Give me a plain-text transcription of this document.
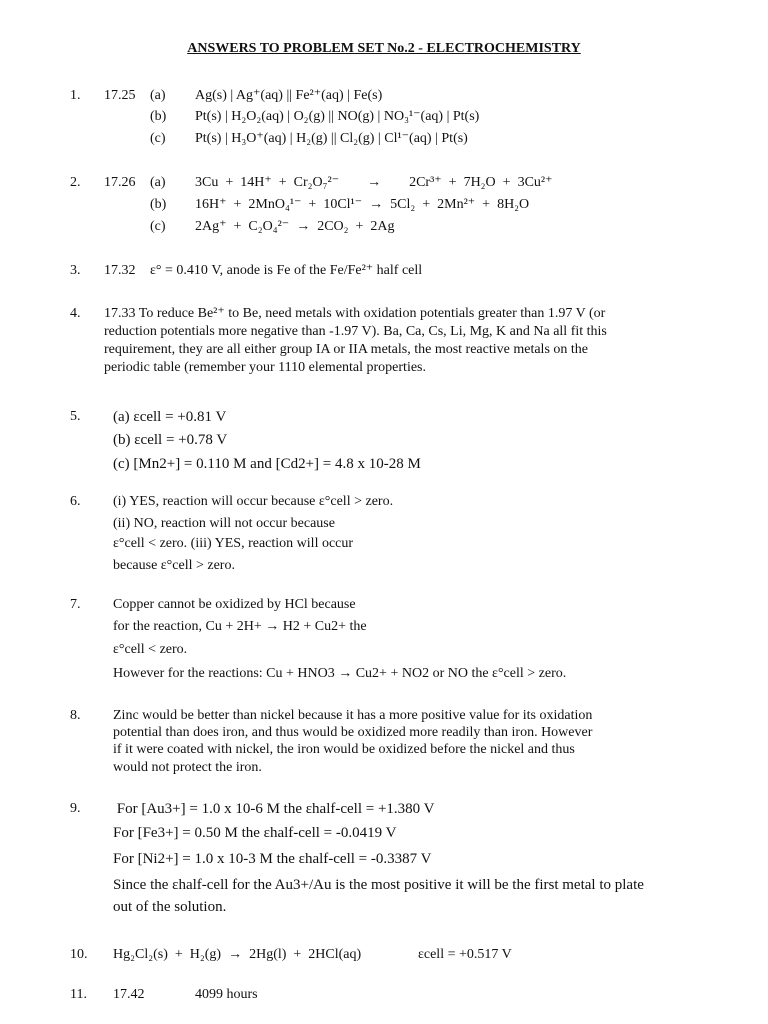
ANSWERS TO PROBLEM SET No.2 - ELECTROCHEMISTRY
1. 17.25 (a) Ag(s) | Ag⁺(aq) || Fe²⁺(aq) | Fe(s)
(b) Pt(s) | H₂O₂(aq) | O₂(g) || NO(g) | NO₃¹⁻(aq) | Pt(s)
(c) Pt(s) | H₃O⁺(aq) | H₂(g) || Cl₂(g) | Cl¹⁻(aq) | Pt(s)
2. 17.26 (a) 3Cu  +  14H⁺  +  Cr₂O₇²⁻        →        2Cr³⁺  +  7H₂O  +  3Cu²⁺
(b) 16H⁺  +  2MnO₄¹⁻  +  10Cl¹⁻  →  5Cl₂  +  2Mn²⁺  +  8H₂O
(c) 2Ag⁺  +  C₂O₄²⁻  →  2CO₂  +  2Ag
3. 17.32 ε° = 0.410 V, anode is Fe of the Fe/Fe²⁺ half cell
4. 17.33 To reduce Be²⁺ to Be, need metals with oxidation potentials greater than 1.97 V (or
reduction potentials more negative than -1.97 V). Ba, Ca, Cs, Li, Mg, K and Na all fit this
requirement, they are all either group IA or IIA metals, the most reactive metals on the
periodic table (remember your 1110 elemental properties.
5. (a) εcell = +0.81 V
(b) εcell = +0.78 V
(c) [Mn2+] = 0.110 M and [Cd2+] = 4.8 x 10-28 M
6. (i) YES, reaction will occur because ε°cell > zero.
(ii) NO, reaction will not occur because
ε°cell < zero. (iii) YES, reaction will occur
because ε°cell > zero.
7. Copper cannot be oxidized by HCl because
for the reaction, Cu + 2H+ → H2 + Cu2+ the
ε°cell < zero.
However for the reactions: Cu + HNO3 → Cu2+ + NO2 or NO the ε°cell > zero.
8. Zinc would be better than nickel because it has a more positive value for its oxidation
potential than does iron, and thus would be oxidized more readily than iron. However
if it were coated with nickel, the iron would be oxidized before the nickel and thus
would not protect the iron.
9. For [Au3+] = 1.0 x 10-6 M the εhalf-cell = +1.380 V
For [Fe3+] = 0.50 M the εhalf-cell = -0.0419 V
For [Ni2+] = 1.0 x 10-3 M the εhalf-cell = -0.3387 V
Since the εhalf-cell for the Au3+/Au is the most positive it will be the first metal to plate
out of the solution.
10. Hg₂Cl₂(s)  +  H₂(g)  →  2Hg(l)  +  2HCl(aq)	εcell = +0.517 V
11. 17.42	4099 hours
